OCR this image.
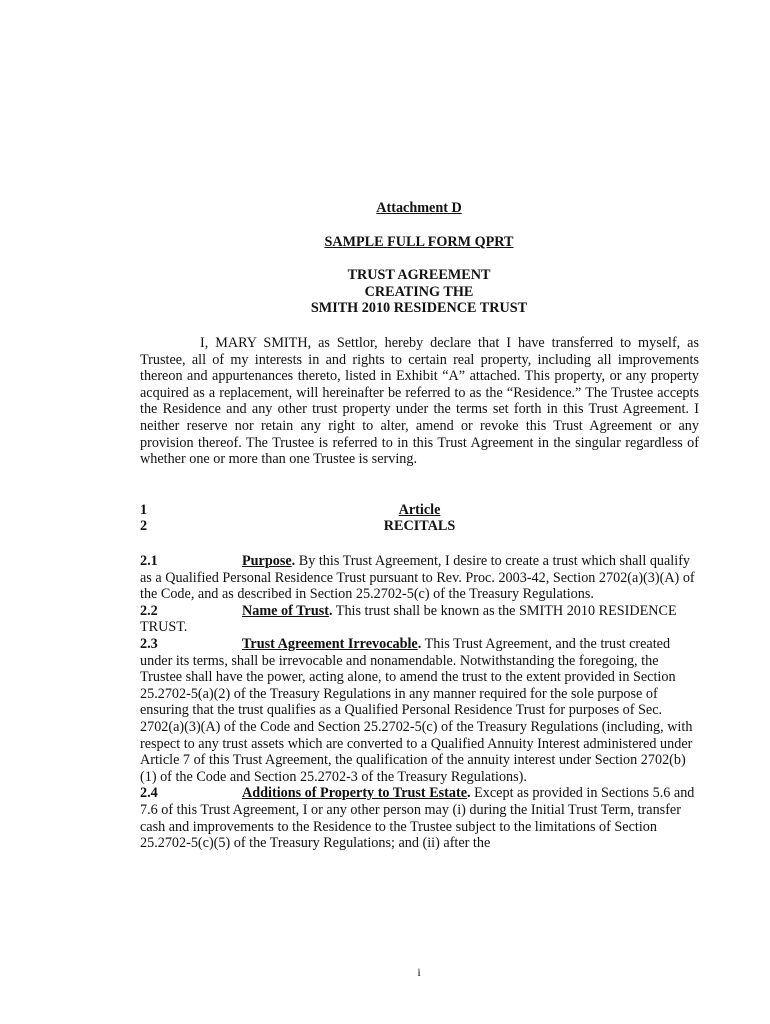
Attachment D
SAMPLE FULL FORM QPRT
TRUST AGREEMENT
CREATING THE
SMITH 2010 RESIDENCE TRUST

I, MARY SMITH, as Settlor, hereby declare that I have transferred to myself, as Trustee, all of my interests in and rights to certain real property, including all improvements thereon and appurtenances thereto, listed in Exhibit “A” attached. This property, or any property acquired as a replacement, will hereinafter be referred to as the “Residence.” The Trustee accepts the Residence and any other trust property under the terms set forth in this Trust Agreement. I neither reserve nor retain any right to alter, amend or revoke this Trust Agreement or any provision thereof. The Trustee is referred to in this Trust Agreement in the singular regardless of whether one or more than one Trustee is serving.

1
2
Article
RECITALS

2.1	Purpose. By this Trust Agreement, I desire to create a trust which shall qualify as a Qualified Personal Residence Trust pursuant to Rev. Proc. 2003-42, Section 2702(a)(3)(A) of the Code, and as described in Section 25.2702-5(c) of the Treasury Regulations.

2.2	Name of Trust. This trust shall be known as the SMITH 2010 RESIDENCE TRUST.

2.3	Trust Agreement Irrevocable. This Trust Agreement, and the trust created under its terms, shall be irrevocable and nonamendable. Notwithstanding the foregoing, the Trustee shall have the power, acting alone, to amend the trust to the extent provided in Section 25.2702-5(a)(2) of the Treasury Regulations in any manner required for the sole purpose of ensuring that the trust qualifies as a Qualified Personal Residence Trust for purposes of Sec. 2702(a)(3)(A) of the Code and Section 25.2702-5(c) of the Treasury Regulations (including, with respect to any trust assets which are converted to a Qualified Annuity Interest administered under Article 7 of this Trust Agreement, the qualification of the annuity interest under Section 2702(b)(1) of the Code and Section 25.2702-3 of the Treasury Regulations).

2.4	Additions of Property to Trust Estate. Except as provided in Sections 5.6 and 7.6 of this Trust Agreement, I or any other person may (i) during the Initial Trust Term, transfer cash and improvements to the Residence to the Trustee subject to the limitations of Section 25.2702-5(c)(5) of the Treasury Regulations; and (ii) after the

i
